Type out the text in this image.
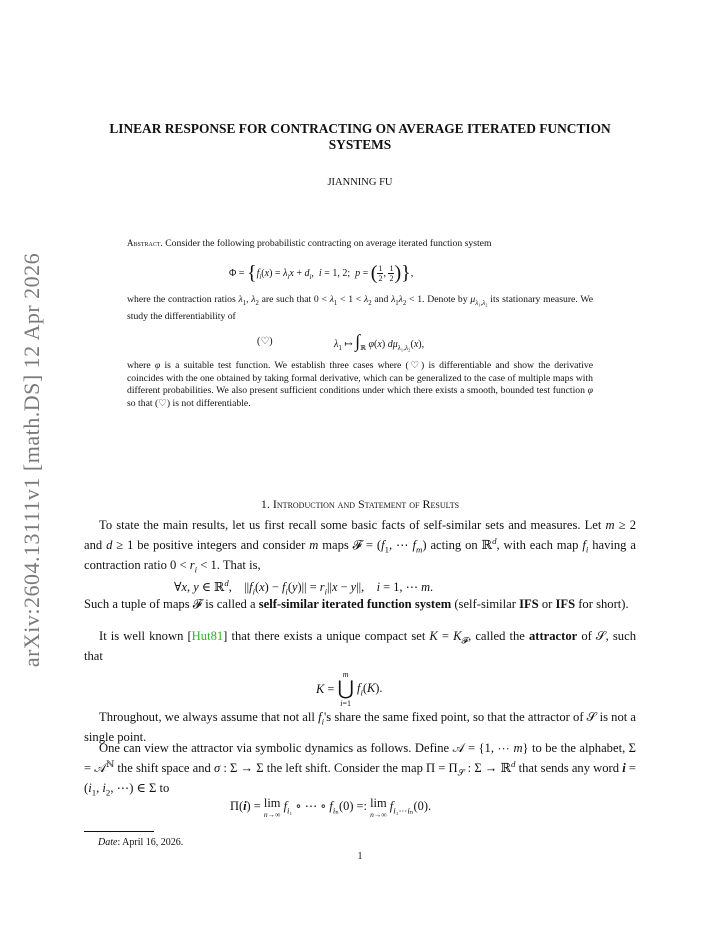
arXiv:2604.13111v1 [math.DS] 12 Apr 2026
LINEAR RESPONSE FOR CONTRACTING ON AVERAGE ITERATED FUNCTION SYSTEMS
JIANNING FU
Abstract. Consider the following probabilistic contracting on average iterated function system
$\Phi = \{f_i(x) = \lambda_ix + d_i$,  i = 1, 2;  p = ( $\frac{1}{2}$ , $\frac{1}{2}$ )},
where the contraction ratios $\lambda_1$, $\lambda_2$ are such that $0 < \lambda_1 < 1 < \lambda_2$ and $\lambda_1\lambda_2 < 1$. Denote by $\mu_{\lambda_1,\lambda_2}$ its stationary measure. We study the differentiability of
(♡)	$\lambda_1$ ↦ $\int_ℝ$ φ(x) $d\mu_{\lambda_1,\lambda_2}(x)$,
where φ is a suitable test function. We establish three cases where (♡) is differentiable and show the derivative coincides with the one obtained by taking formal derivative, which can be generalized to the case of multiple maps with different probabilities. We also present sufficient conditions under which there exists a smooth, bounded test function φ so that (♡) is not differentiable.
1. Introduction and Statement of Results
To state the main results, let us first recall some basic facts of self-similar sets and measures. Let m ≥ 2 and d ≥ 1 be positive integers and consider m maps 𝓕 = ($f_1$, ⋯ $f_m$) acting on ℝ$^d$, with each map $f_i$ having a contraction ratio $0 < r_i < 1$. That is,
∀x, y ∈ ℝ$^d$,    $||f_i(x) - f_i(y)|| = r_i||x - y||$,    i = 1, ⋯ m.
Such a tuple of maps 𝓕 is called a self-similar iterated function system (self-similar IFS or IFS for short).
It is well known [Hut81] that there exists a unique compact set $K = K_𝓕$, called the attractor of 𝒮, such that
K =
m
⋃
i=1
$f_i(K)$.
Throughout, we always assume that not all $f_i's$ share the same fixed point, so that the attractor of 𝒮 is not a single point.
One can view the attractor via symbolic dynamics as follows. Define 𝒜 = {1, ⋯ m} to be the alphabet, Σ = 𝒜$^ℕ$ the shift space and σ : Σ → Σ the left shift. Consider the map $\Pi = \Pi_𝒮$ : Σ → ℝ$^d$ that sends any word $i = (i_1$, $i_2$, ⋯) ∈ Σ to
Π(i) = lim
n→∞ $f_{i_1}$ ∘ ⋯ ∘ $f_{i_n}(0)$ =: lim
n→∞ $f_{i_1\cdots i_n}(0)$.
Date: April 16, 2026.
1
